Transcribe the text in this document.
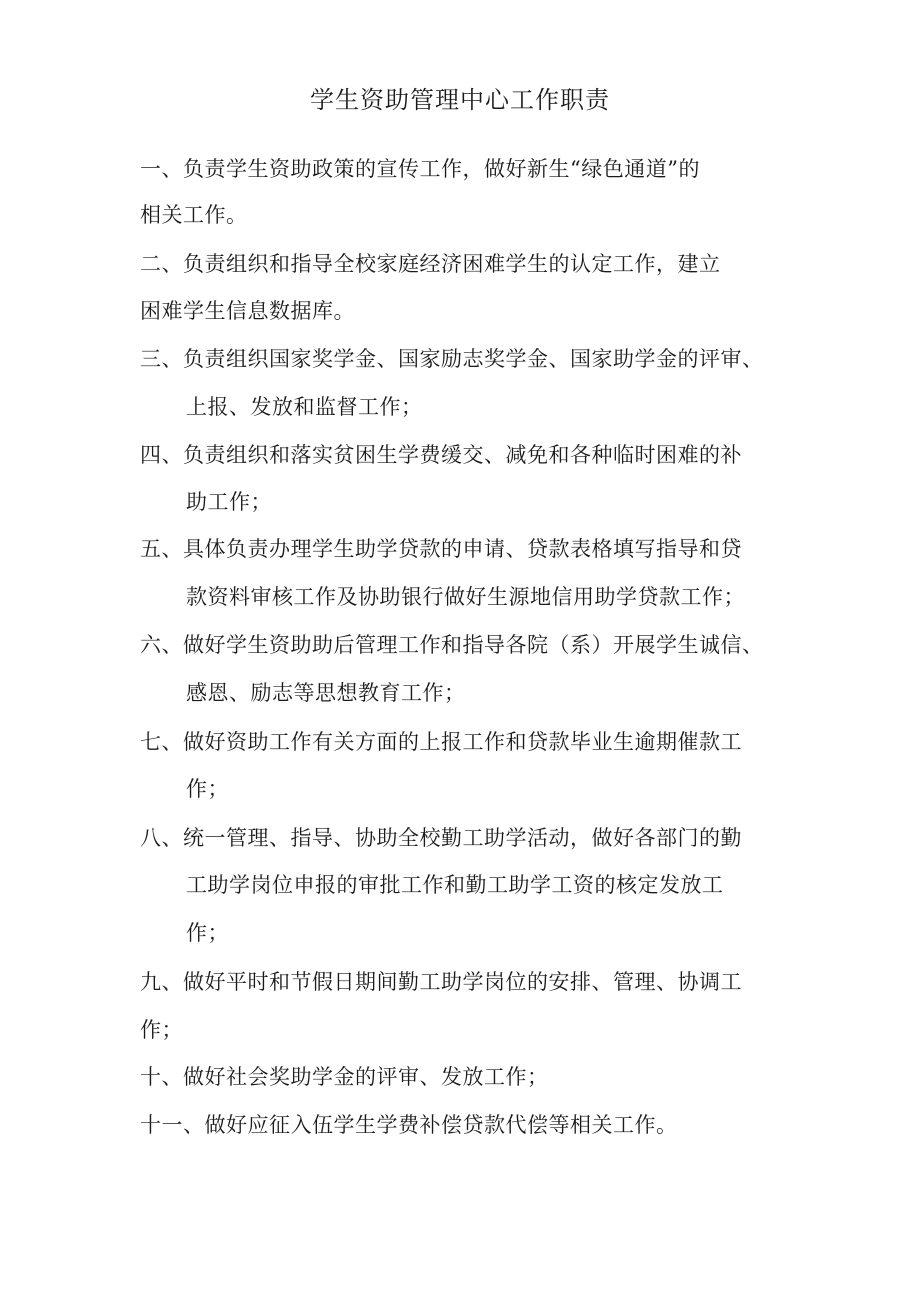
学生资助管理中心工作职责
一、负责学生资助政策的宣传工作，做好新生“绿色通道”的
相关工作。
二、负责组织和指导全校家庭经济困难学生的认定工作，建立
困难学生信息数据库。
三、负责组织国家奖学金、国家励志奖学金、国家助学金的评审、
上报、发放和监督工作；
四、负责组织和落实贫困生学费缓交、减免和各种临时困难的补
助工作；
五、具体负责办理学生助学贷款的申请、贷款表格填写指导和贷
款资料审核工作及协助银行做好生源地信用助学贷款工作；
六、做好学生资助助后管理工作和指导各院（系）开展学生诚信、
感恩、励志等思想教育工作；
七、做好资助工作有关方面的上报工作和贷款毕业生逾期催款工
作；
八、统一管理、指导、协助全校勤工助学活动，做好各部门的勤
工助学岗位申报的审批工作和勤工助学工资的核定发放工
作；
九、做好平时和节假日期间勤工助学岗位的安排、管理、协调工
作；
十、做好社会奖助学金的评审、发放工作；
十一、做好应征入伍学生学费补偿贷款代偿等相关工作。
